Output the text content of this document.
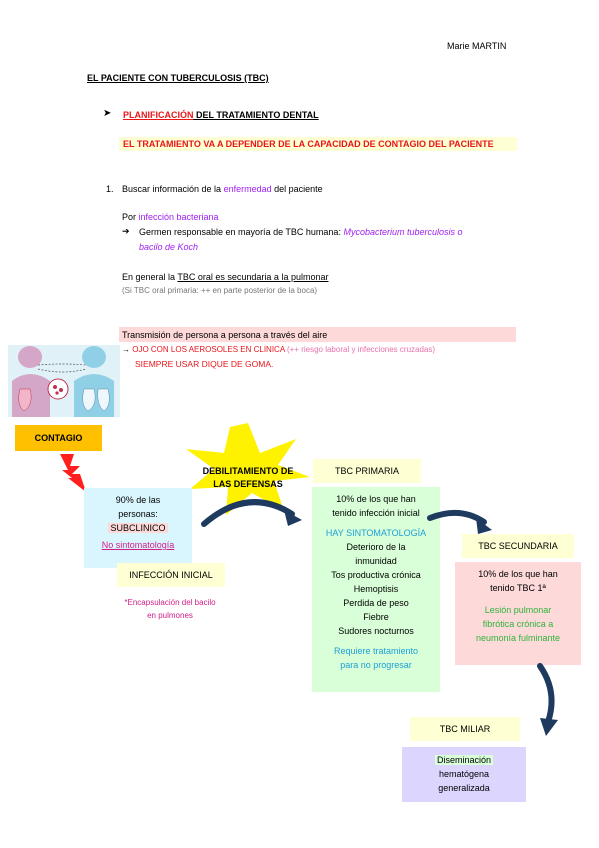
Marie MARTIN
EL PACIENTE CON TUBERCULOSIS (TBC)
➤ PLANIFICACIÓN DEL TRATAMIENTO DENTAL
EL TRATAMIENTO VA A DEPENDER DE LA CAPACIDAD DE CONTAGIO DEL PACIENTE
1. Buscar información de la enfermedad del paciente
Por infección bacteriana
➔ Germen responsable en mayoría de TBC humana: Mycobacterium tuberculosis o
bacilo de Koch
En general la TBC oral es secundaria a la pulmonar
(Si TBC oral primaria: ++ en parte posterior de la boca)
Transmisión de persona a persona a través del aire
→ OJO CON LOS AEROSOLES EN CLINICA (++ riesgo laboral y infecciones cruzadas)
SIEMPRE USAR DIQUE DE GOMA.
CONTAGIO
DEBILITAMIENTO DE
LAS DEFENSAS
90% de las
personas:
SUBCLINICO
No sintomatología
INFECCIÓN INICIAL
*Encapsulación del bacilo
en pulmones
TBC PRIMARIA
10% de los que han
tenido infección inicial
HAY SINTOMATOLOGÍA
Deterioro de la
inmunidad
Tos productiva crónica
Hemoptisis
Perdida de peso
Fiebre
Sudores nocturnos
Requiere tratamiento
para no progresar
TBC SECUNDARIA
10% de los que han
tenido TBC 1ª
Lesión pulmonar
fibrótica crónica a
neumonía fulminante
TBC MILIAR
Diseminación
hematógena
generalizada
